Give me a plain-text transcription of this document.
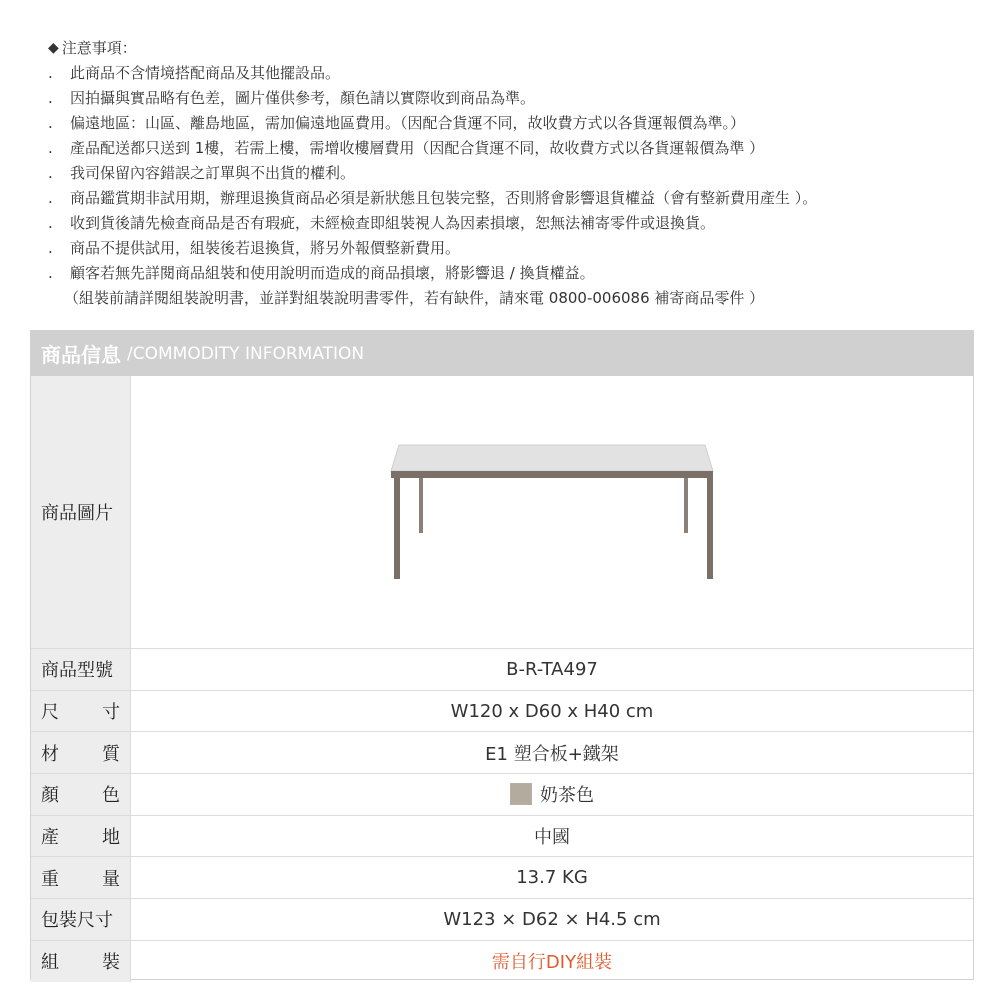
◆ 注意事項：
.	此商品不含情境搭配商品及其他擺設品。
.	因拍攝與實品略有色差，圖片僅供參考，顏色請以實際收到商品為準。
.	偏遠地區：山區、離島地區，需加偏遠地區費用。（因配合貨運不同，故收費方式以各貨運報價為準。）
.	產品配送都只送到 1樓，若需上樓，需增收樓層費用（因配合貨運不同，故收費方式以各貨運報價為準 ）
.	我司保留內容錯誤之訂單與不出貨的權利。
.	商品鑑賞期非試用期，辦理退換貨商品必須是新狀態且包裝完整，否則將會影響退貨權益（會有整新費用產生 ）。
.	收到貨後請先檢查商品是否有瑕疵，未經檢查即組裝視人為因素損壞，恕無法補寄零件或退換貨。
.	商品不提供試用，組裝後若退換貨，將另外報價整新費用。
.	顧客若無先詳閱商品組裝和使用說明而造成的商品損壞，將影響退 / 換貨權益。
（組裝前請詳閱組裝說明書，並詳對組裝說明書零件，若有缺件，請來電 0800-006086 補寄商品零件 ）
商品信息 /COMMODITY INFORMATION
商品圖片
商品型號	B-R-TA497
尺 寸	W120 x D60 x H40 cm
材 質	E1 塑合板+鐵架
顏 色	奶茶色
產 地	中國
重 量	13.7 KG
包裝尺寸	W123 × D62 × H4.5 cm
組 裝	需自行DIY組裝
